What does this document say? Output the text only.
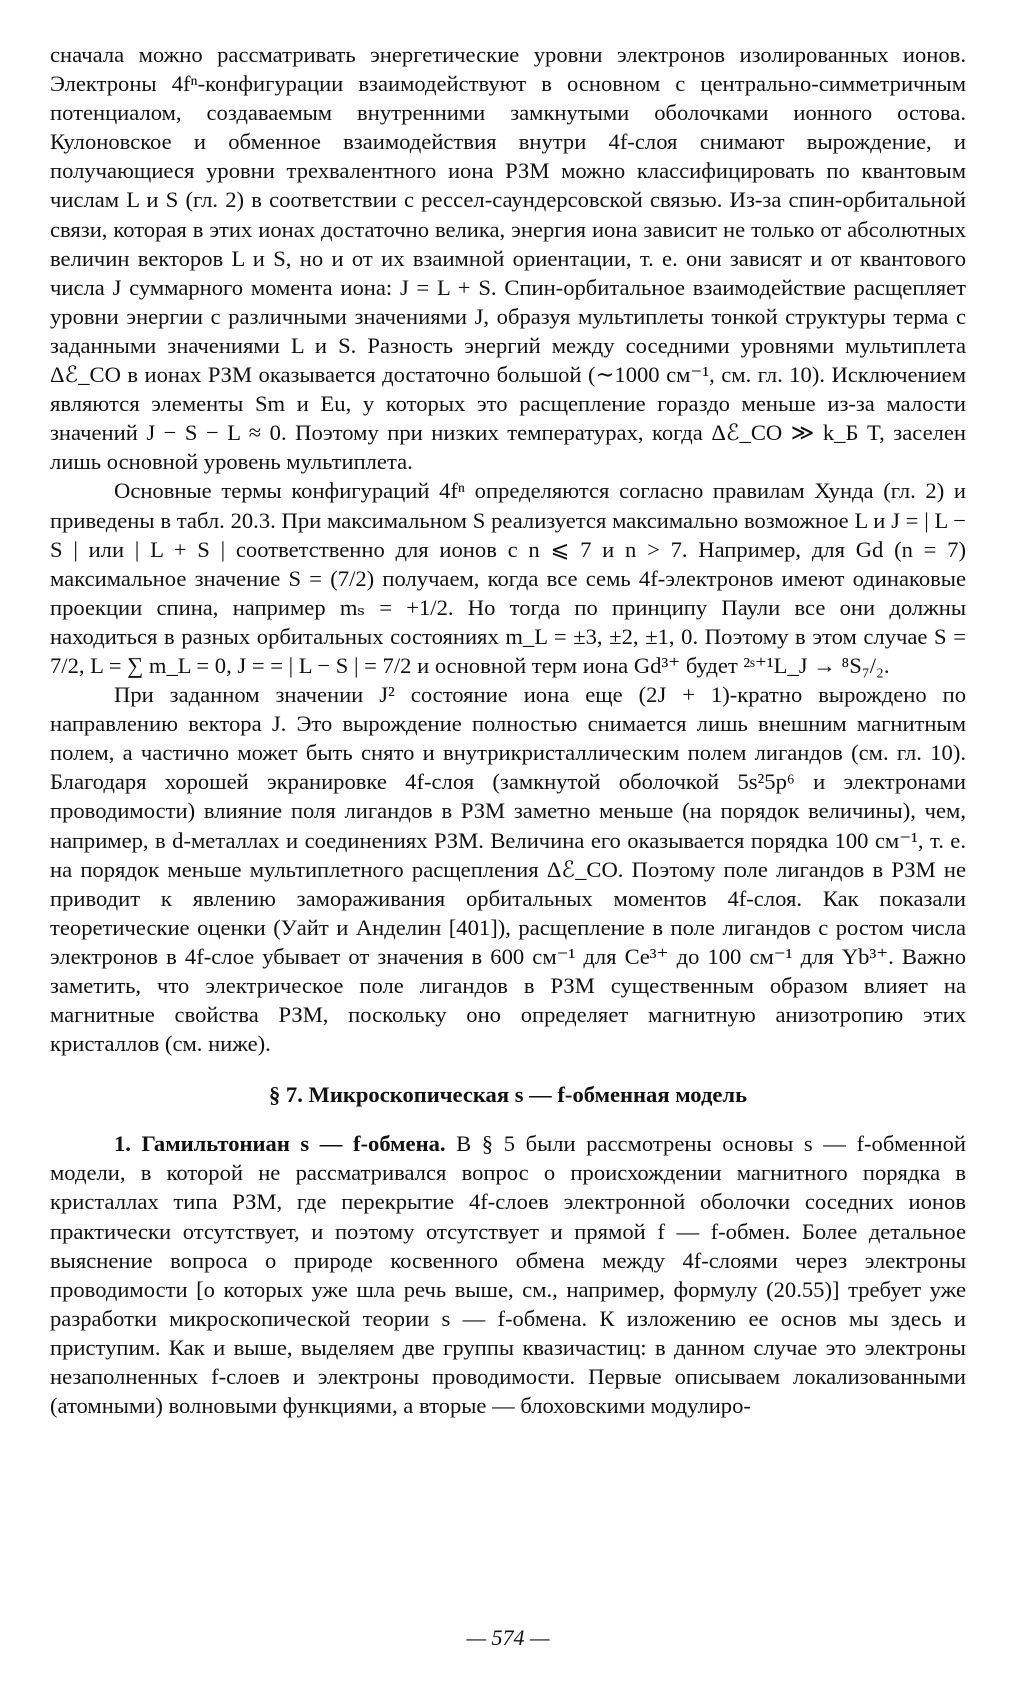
сначала можно рассматривать энергетические уровни электронов изолированных ионов. Электроны 4fⁿ-конфигурации взаимодействуют в основном с центрально-симметричным потенциалом, создаваемым внутренними замкнутыми оболочками ионного остова. Кулоновское и обменное взаимодействия внутри 4f-слоя снимают вырождение, и получающиеся уровни трехвалентного иона РЗМ можно классифицировать по квантовым числам L и S (гл. 2) в соответствии с рессел-саундерсовской связью. Из-за спин-орбитальной связи, которая в этих ионах достаточно велика, энергия иона зависит не только от абсолютных величин векторов L и S, но и от их взаимной ориентации, т. е. они зависят и от квантового числа J суммарного момента иона: J = L + S. Спин-орбитальное взаимодействие расщепляет уровни энергии с различными значениями J, образуя мультиплеты тонкой структуры терма с заданными значениями L и S. Разность энергий между соседними уровнями мультиплета Δℰ_СО в ионах РЗМ оказывается достаточно большой (∼1000 см⁻¹, см. гл. 10). Исключением являются элементы Sm и Eu, у которых это расщепление гораздо меньше из-за малости значений J − S − L ≈ 0. Поэтому при низких температурах, когда Δℰ_СО ≫ k_Б T, заселен лишь основной уровень мультиплета.

Основные термы конфигураций 4fⁿ определяются согласно правилам Хунда (гл. 2) и приведены в табл. 20.3. При максимальном S реализуется максимально возможное L и J = | L − S | или | L + S | соответственно для ионов с n ⩽ 7 и n > 7. Например, для Gd (n = 7) максимальное значение S = (7/2) получаем, когда все семь 4f-электронов имеют одинаковые проекции спина, например mₛ = +1/2. Но тогда по принципу Паули все они должны находиться в разных орбитальных состояниях m_L = ±3, ±2, ±1, 0. Поэтому в этом случае S = 7/2, L = ∑ m_L = 0, J = = | L − S | = 7/2 и основной терм иона Gd³⁺ будет ²ˢ⁺¹L_J → ⁸S₇/₂.

При заданном значении J² состояние иона еще (2J + 1)-кратно вырождено по направлению вектора J. Это вырождение полностью снимается лишь внешним магнитным полем, а частично может быть снято и внутрикристаллическим полем лигандов (см. гл. 10). Благодаря хорошей экранировке 4f-слоя (замкнутой оболочкой 5s²5p⁶ и электронами проводимости) влияние поля лигандов в РЗМ заметно меньше (на порядок величины), чем, например, в d-металлах и соединениях РЗМ. Величина его оказывается порядка 100 см⁻¹, т. е. на порядок меньше мультиплетного расщепления Δℰ_СО. Поэтому поле лигандов в РЗМ не приводит к явлению замораживания орбитальных моментов 4f-слоя. Как показали теоретические оценки (Уайт и Анделин [401]), расщепление в поле лигандов с ростом числа электронов в 4f-слое убывает от значения в 600 см⁻¹ для Ce³⁺ до 100 см⁻¹ для Yb³⁺. Важно заметить, что электрическое поле лигандов в РЗМ существенным образом влияет на магнитные свойства РЗМ, поскольку оно определяет магнитную анизотропию этих кристаллов (см. ниже).

§ 7. Микроскопическая s — f-обменная модель

1. Гамильтониан s — f-обмена. В § 5 были рассмотрены основы s — f-обменной модели, в которой не рассматривался вопрос о происхождении магнитного порядка в кристаллах типа РЗМ, где перекрытие 4f-слоев электронной оболочки соседних ионов практически отсутствует, и поэтому отсутствует и прямой f — f-обмен. Более детальное выяснение вопроса о природе косвенного обмена между 4f-слоями через электроны проводимости [о которых уже шла речь выше, см., например, формулу (20.55)] требует уже разработки микроскопической теории s — f-обмена. К изложению ее основ мы здесь и приступим. Как и выше, выделяем две группы квазичастиц: в данном случае это электроны незаполненных f-слоев и электроны проводимости. Первые описываем локализованными (атомными) волновыми функциями, а вторые — блоховскими модулиро-

— 574 —
